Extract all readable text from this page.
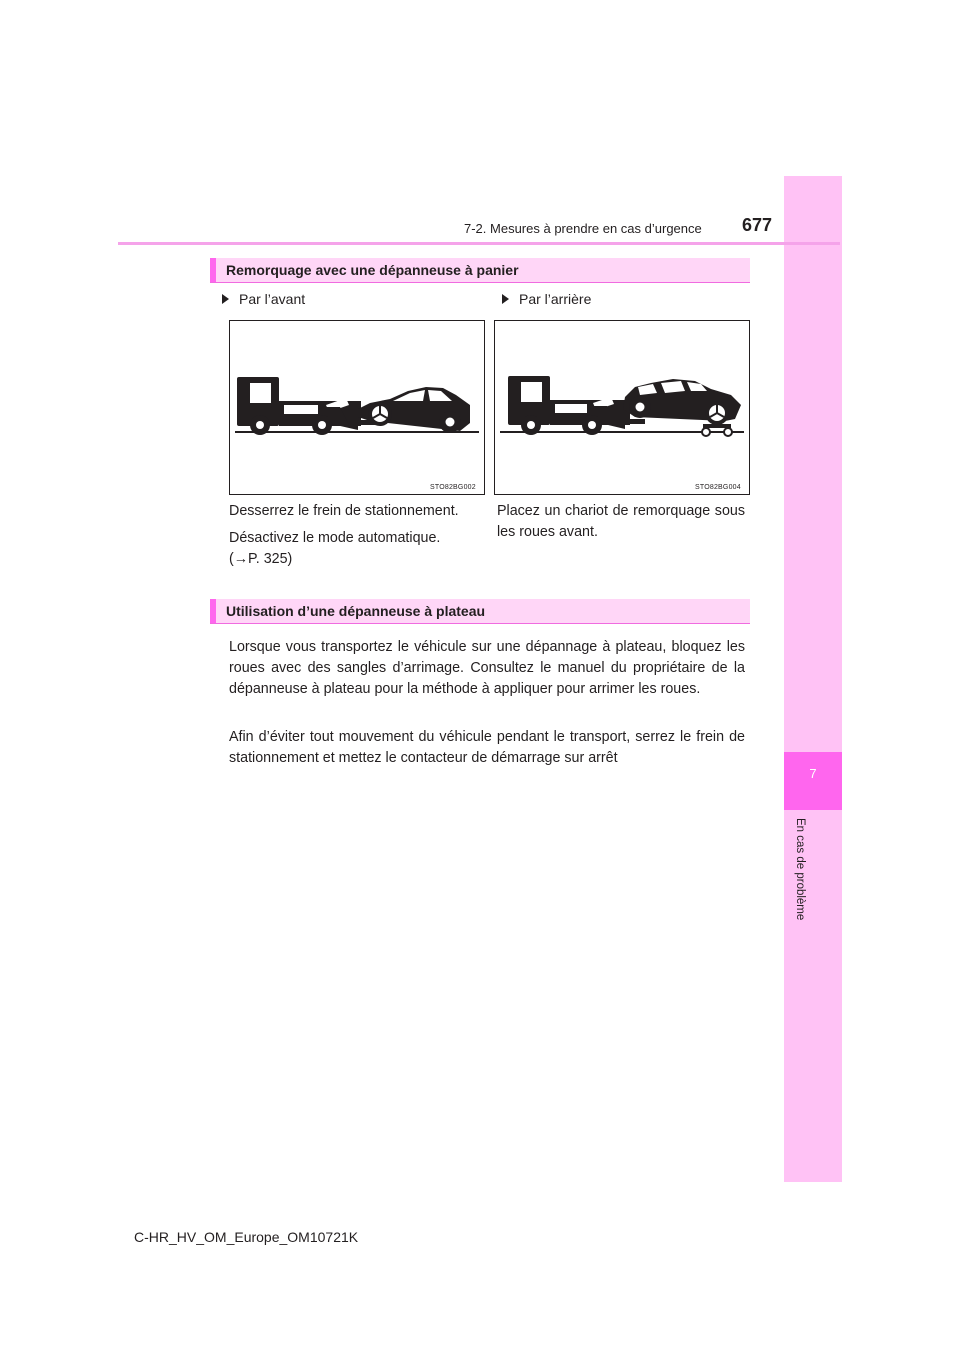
7
En cas de problème
7-2. Mesures à prendre en cas d’urgence 677
Remorquage avec une dépanneuse à panier
Par l’avant	Par l’arrière
STO82BG002	STO82BG004
Desserrez le frein de stationnement.
Désactivez le mode automatique.
(→P. 325)
Placez un chariot de remorquage sous les roues avant.
Utilisation d’une dépanneuse à plateau
Lorsque vous transportez le véhicule sur une dépannage à plateau, bloquez les roues avec des sangles d’arrimage. Consultez le manuel du propriétaire de la dépanneuse à plateau pour la méthode à appliquer pour arrimer les roues.
Afin d’éviter tout mouvement du véhicule pendant le transport, serrez le frein de stationnement et mettez le contacteur de démarrage sur arrêt
C-HR_HV_OM_Europe_OM10721K
